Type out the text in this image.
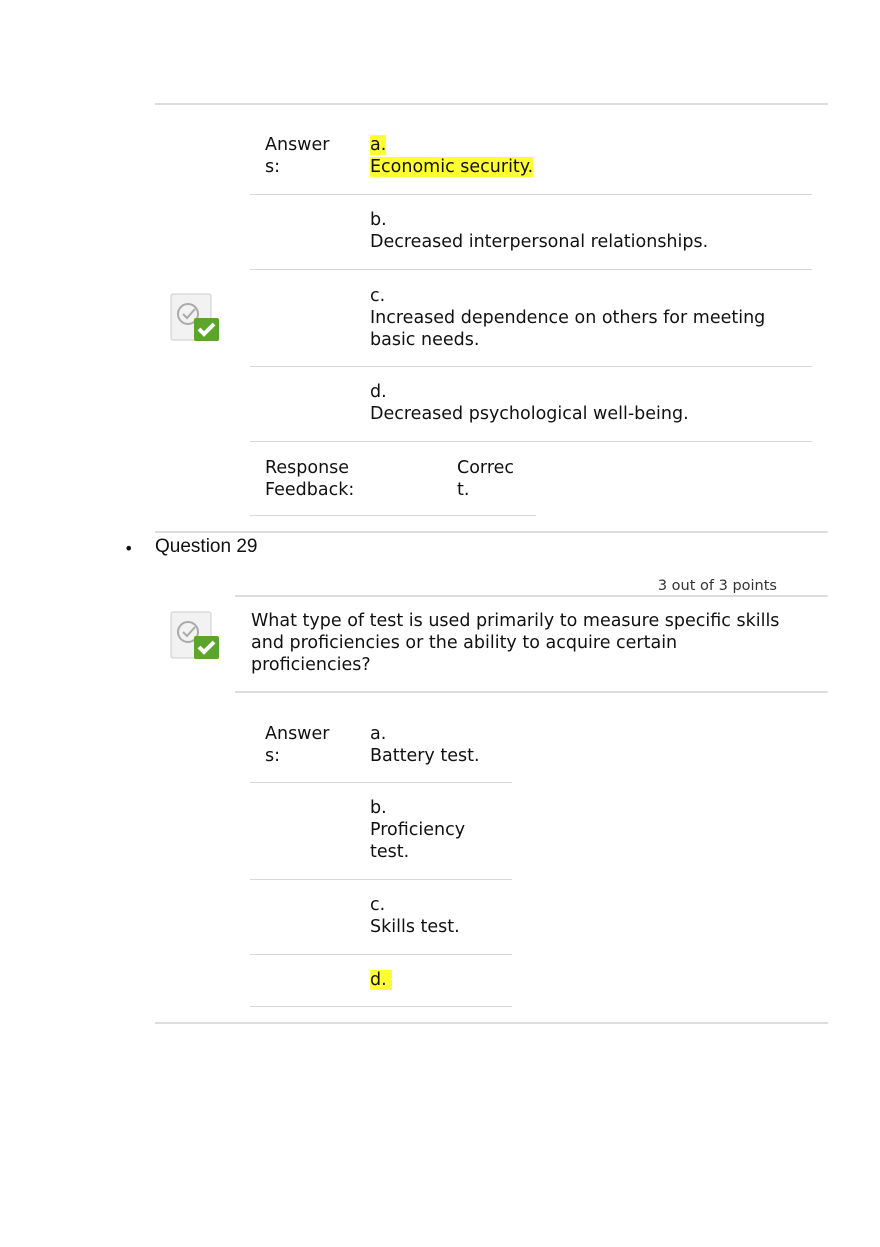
Answer
s:
a.
Economic security.
b.
Decreased interpersonal relationships.
c.
Increased dependence on others for meeting basic needs.
d.
Decreased psychological well-being.
Response
Feedback:
Correc
t.
• Question 29
3 out of 3 points
What type of test is used primarily to measure specific skills and proficiencies or the ability to acquire certain proficiencies?
Answer
s:
a.
Battery test.
b.
Proficiency test.
c.
Skills test.
d.
